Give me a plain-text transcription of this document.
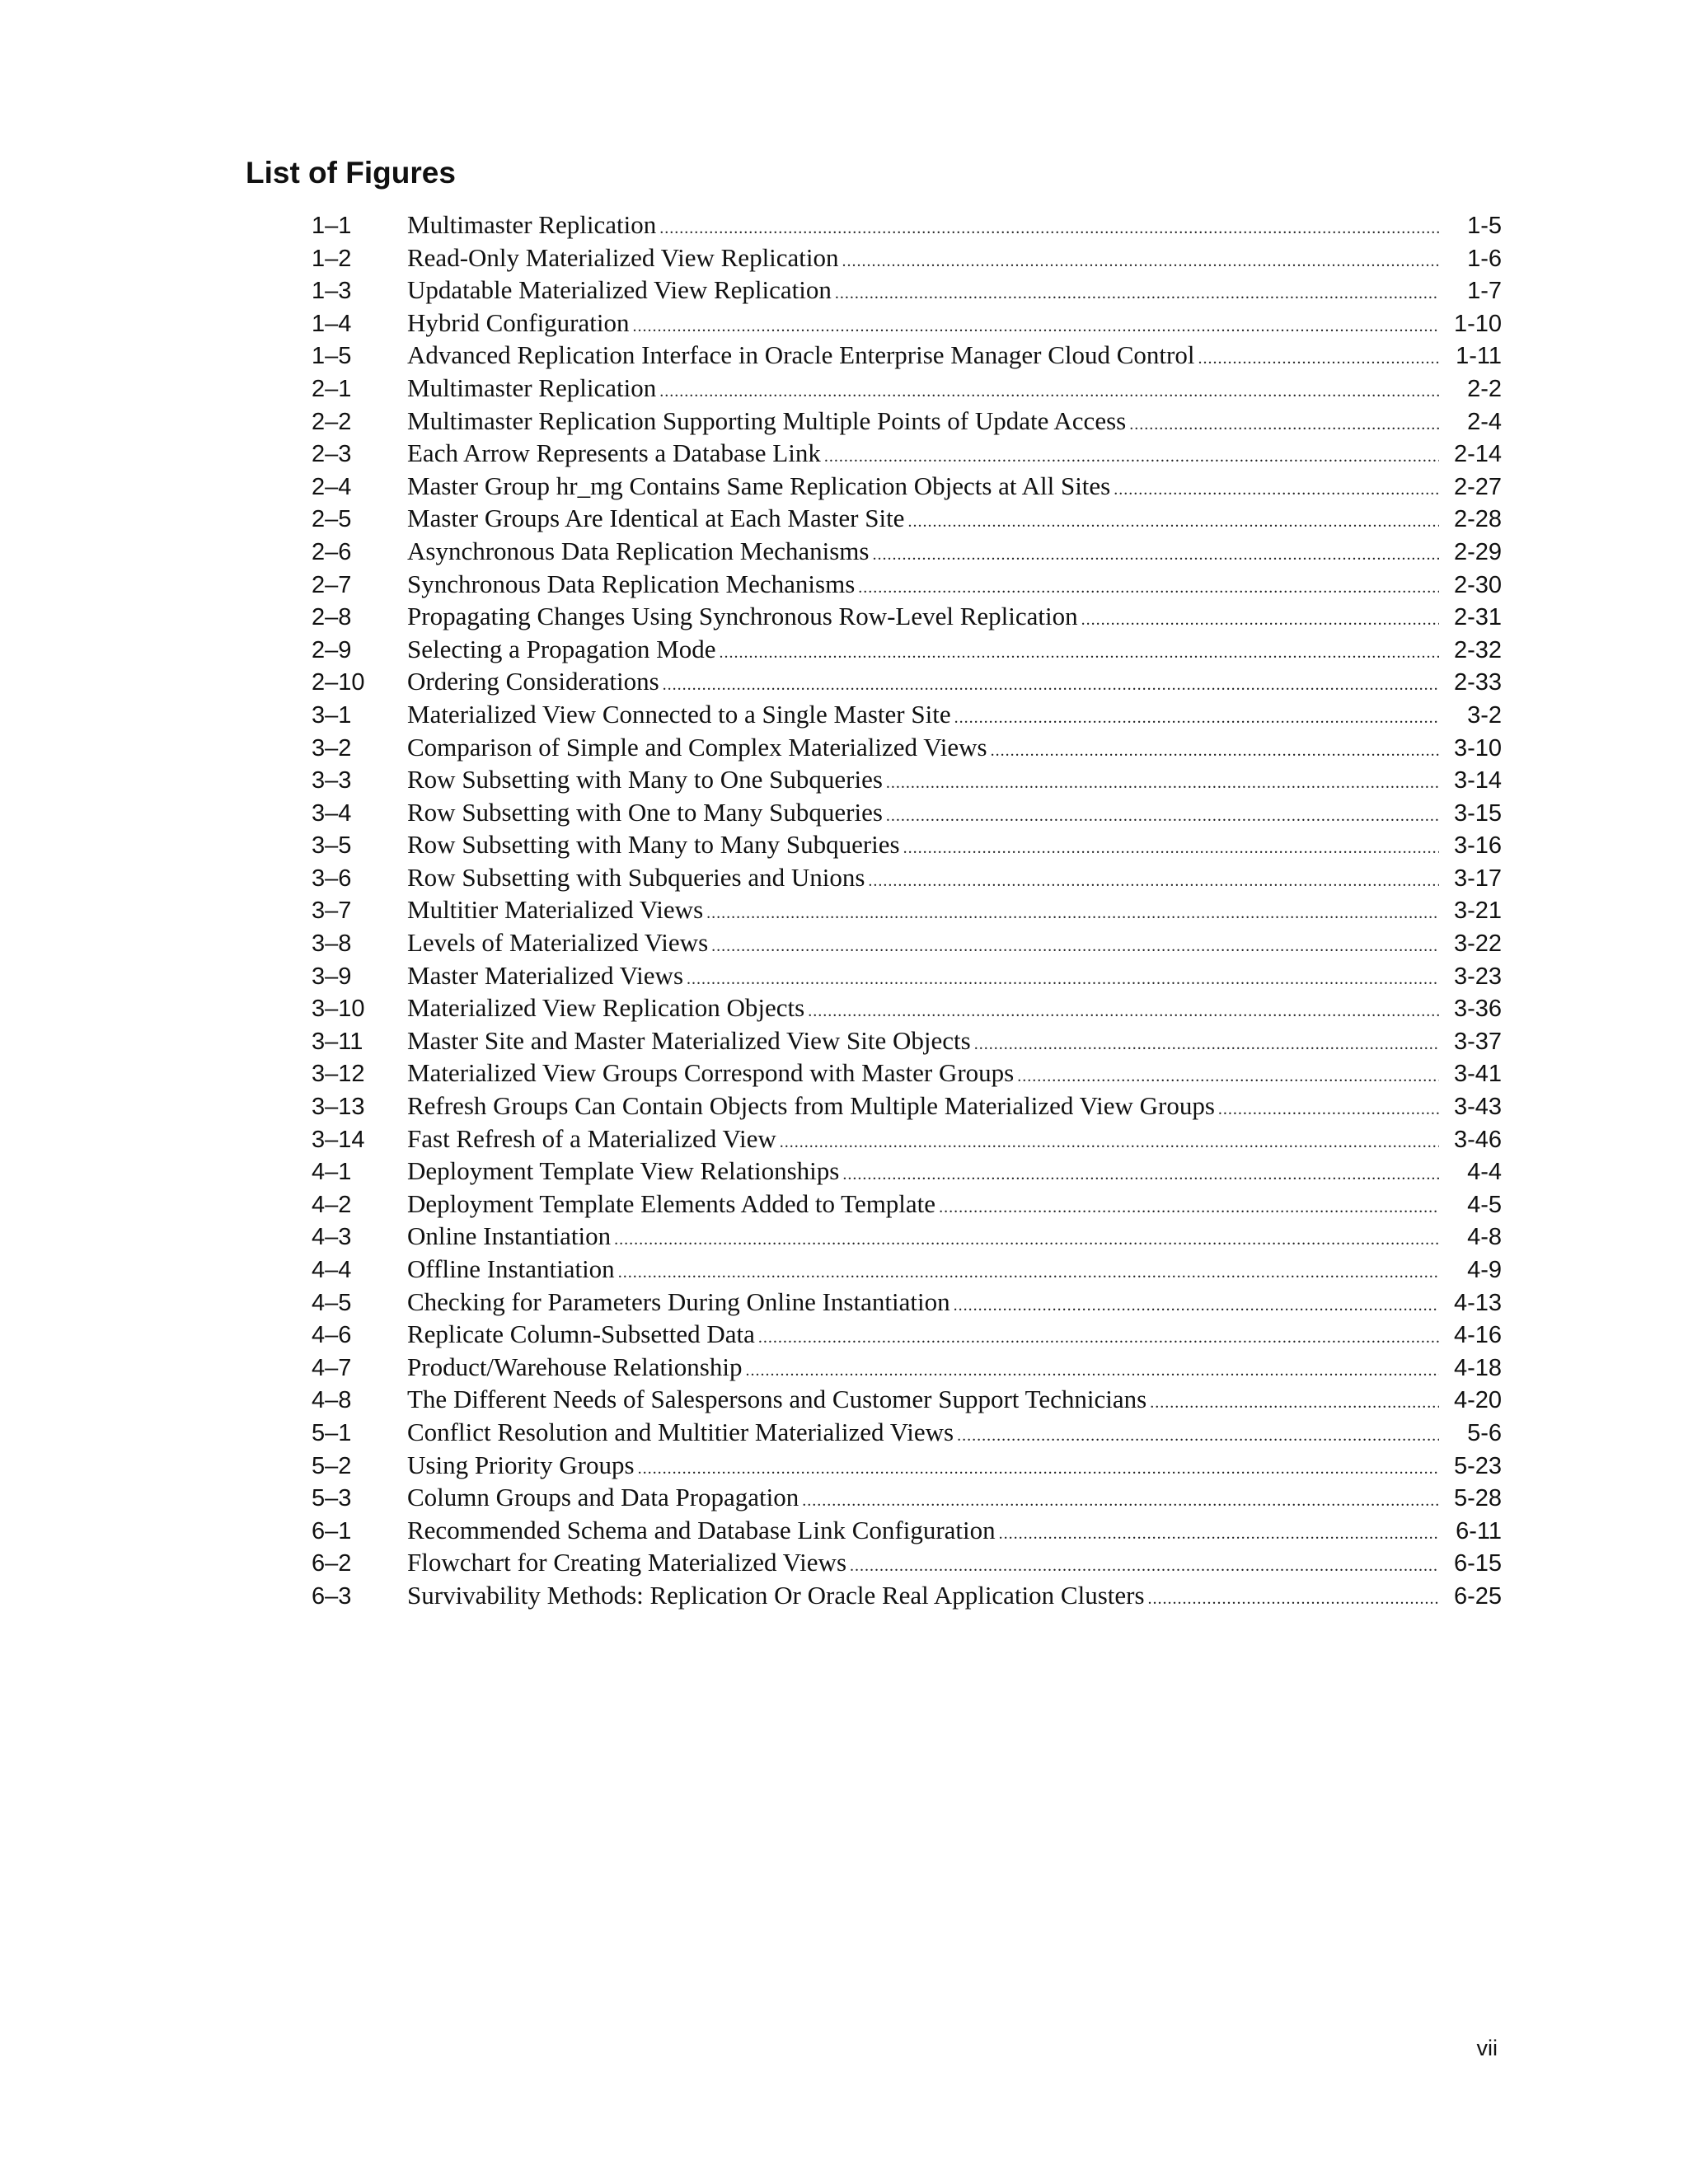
List of Figures
1–1	Multimaster Replication .....	1-5
1–2	Read-Only Materialized View Replication .....	1-6
1–3	Updatable Materialized View Replication .....	1-7
1–4	Hybrid Configuration .....	1-10
1–5	Advanced Replication Interface in Oracle Enterprise Manager Cloud Control .....	1-11
2–1	Multimaster Replication .....	2-2
2–2	Multimaster Replication Supporting Multiple Points of Update Access .....	2-4
2–3	Each Arrow Represents a Database Link .....	2-14
2–4	Master Group hr_mg Contains Same Replication Objects at All Sites .....	2-27
2–5	Master Groups Are Identical at Each Master Site .....	2-28
2–6	Asynchronous Data Replication Mechanisms .....	2-29
2–7	Synchronous Data Replication Mechanisms .....	2-30
2–8	Propagating Changes Using Synchronous Row-Level Replication .....	2-31
2–9	Selecting a Propagation Mode .....	2-32
2–10	Ordering Considerations .....	2-33
3–1	Materialized View Connected to a Single Master Site .....	3-2
3–2	Comparison of Simple and Complex Materialized Views .....	3-10
3–3	Row Subsetting with Many to One Subqueries .....	3-14
3–4	Row Subsetting with One to Many Subqueries .....	3-15
3–5	Row Subsetting with Many to Many Subqueries .....	3-16
3–6	Row Subsetting with Subqueries and Unions .....	3-17
3–7	Multitier Materialized Views .....	3-21
3–8	Levels of Materialized Views .....	3-22
3–9	Master Materialized Views .....	3-23
3–10	Materialized View Replication Objects .....	3-36
3–11	Master Site and Master Materialized View Site Objects .....	3-37
3–12	Materialized View Groups Correspond with Master Groups .....	3-41
3–13	Refresh Groups Can Contain Objects from Multiple Materialized View Groups .....	3-43
3–14	Fast Refresh of a Materialized View .....	3-46
4–1	Deployment Template View Relationships .....	4-4
4–2	Deployment Template Elements Added to Template .....	4-5
4–3	Online Instantiation .....	4-8
4–4	Offline Instantiation .....	4-9
4–5	Checking for Parameters During Online Instantiation .....	4-13
4–6	Replicate Column-Subsetted Data .....	4-16
4–7	Product/Warehouse Relationship .....	4-18
4–8	The Different Needs of Salespersons and Customer Support Technicians .....	4-20
5–1	Conflict Resolution and Multitier Materialized Views .....	5-6
5–2	Using Priority Groups .....	5-23
5–3	Column Groups and Data Propagation .....	5-28
6–1	Recommended Schema and Database Link Configuration .....	6-11
6–2	Flowchart for Creating Materialized Views .....	6-15
6–3	Survivability Methods: Replication Or Oracle Real Application Clusters .....	6-25
vii
